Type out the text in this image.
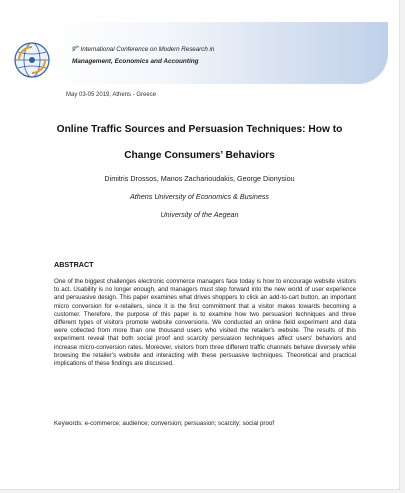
9th International Conference on Modern Research in
Management, Economics and Accounting
May 03-05 2019, Athens - Greece
Online Traffic Sources and Persuasion Techniques: How to
Change Consumers’ Behaviors
Dimitris Drossos, Manos Zacharioudakis, George Dionysiou
Athens University of Economics & Business
University of the Aegean
ABSTRACT
One of the biggest challenges electronic commerce managers face today is how to encourage website visitors to act. Usability is no longer enough, and managers must step forward into the new world of user experience and persuasive design. This paper examines what drives shoppers to click an add-to-cart button, an important micro conversion for e-retailers, since it is the first commitment that a visitor makes towards becoming a customer. Therefore, the purpose of this paper is to examine how two persuasion techniques and three different types of visitors promote website conversions. We conducted an online field experiment and data were collected from more than one thousand users who visited the retailer's website. The results of this experiment reveal that both social proof and scarcity persuasion techniques affect users' behaviors and increase micro-conversion rates. Moreover, visitors from three different traffic channels behave diversely while browsing the retailer's website and interacting with these persuasive techniques. Theoretical and practical implications of these findings are discussed.
Keywords: e-commerce; audience; conversion; persuasion; scarcity; social proof
